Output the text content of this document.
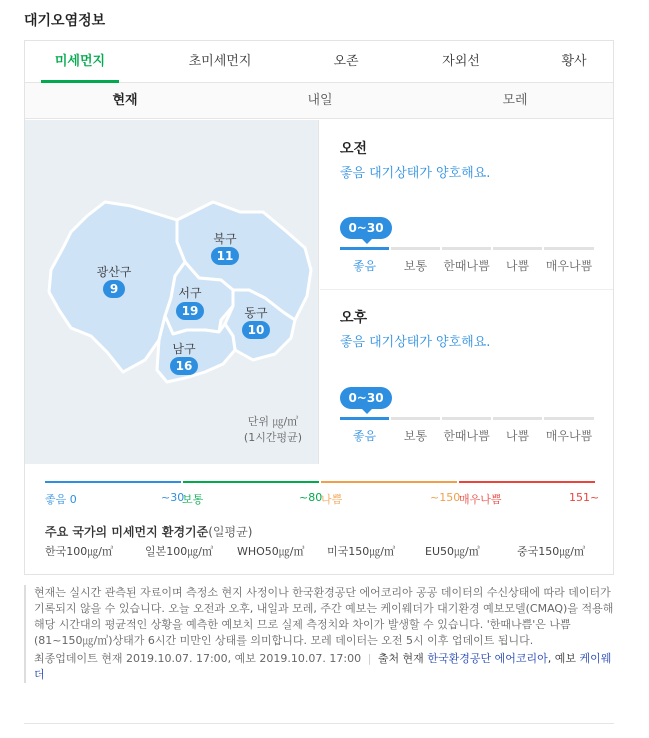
대기오염정보
미세먼지	초미세먼지	오존	자외선	황사
현재	내일	모레
북구
11
광산구
9	서구
19	동구
10
남구
16
단위 ㎍/㎥
(1시간평균)
오전
좋음 대기상태가 양호해요.
0~30
좋음	보통	한때나쁨	나쁨	매우나쁨
오후
좋음 대기상태가 양호해요.
0~30
좋음	보통	한때나쁨	나쁨	매우나쁨
좋음 0	~30
보통	~80
나쁨	~150
매우나쁨	151~
주요 국가의 미세먼지 환경기준(일평균)
한국100㎍/㎥	일본100㎍/㎥ WHO50㎍/㎥ 미국150㎍/㎥	EU50㎍/㎥	중국150㎍/㎥
현재는 실시간 관측된 자료이며 측정소 현지 사정이나 한국환경공단 에어코리아 공공 데이터의 수신상태에 따라 데이터가 기록되지 않을 수 있습니다. 오늘 오전과 오후, 내일과 모레, 주간 예보는 케이웨더가 대기환경 예보모델(CMAQ)을 적용해 해당 시간대의 평균적인 상황을 예측한 예보치 므로 실제 측정치와 차이가 발생할 수 있습니다. '한때나쁨'은 나쁨(81~150㎍/㎥)상태가 6시간 미만인 상태를 의미합니다. 모레 데이터는 오전 5시 이후 업데이트 됩니다.
최종업데이트 현재 2019.10.07. 17:00, 예보 2019.10.07. 17:00 | 출처 현재 한국환경공단 에어코리아, 예보 케이웨더
